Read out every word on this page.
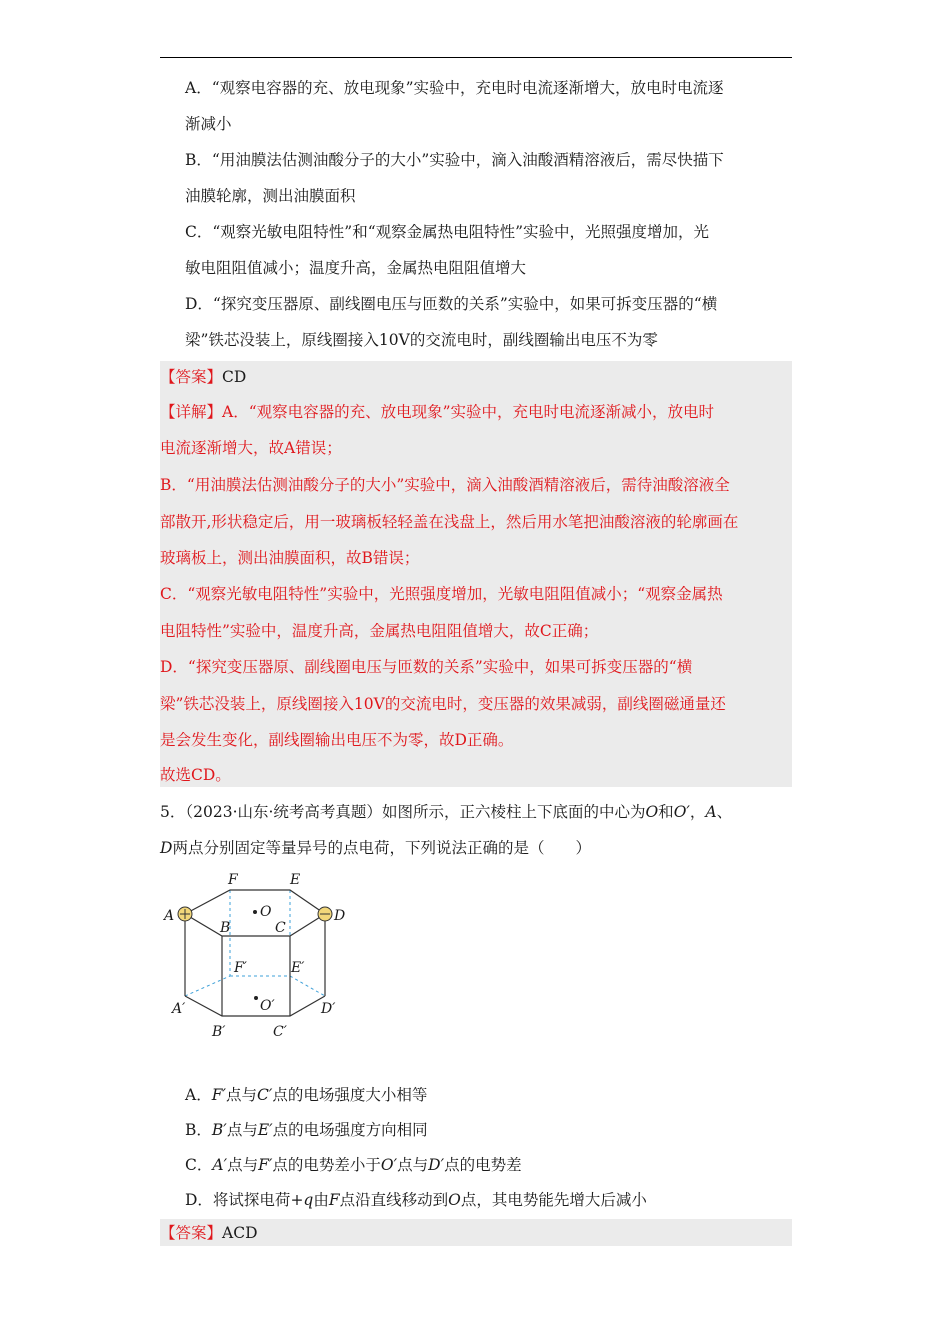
A．“观察电容器的充、放电现象”实验中，充电时电流逐渐增大，放电时电流逐
渐减小
B．“用油膜法估测油酸分子的大小”实验中，滴入油酸酒精溶液后，需尽快描下
油膜轮廓，测出油膜面积
C．“观察光敏电阻特性”和“观察金属热电阻特性”实验中，光照强度增加，光
敏电阻阻值减小；温度升高，金属热电阻阻值增大
D．“探究变压器原、副线圈电压与匝数的关系”实验中，如果可拆变压器的“横
梁”铁芯没装上，原线圈接入10V的交流电时，副线圈输出电压不为零
【答案】CD
【详解】A．“观察电容器的充、放电现象”实验中，充电时电流逐渐减小，放电时
电流逐渐增大，故A错误；
B．“用油膜法估测油酸分子的大小”实验中，滴入油酸酒精溶液后，需待油酸溶液全
部散开,形状稳定后，用一玻璃板轻轻盖在浅盘上，然后用水笔把油酸溶液的轮廓画在
玻璃板上，测出油膜面积，故B错误；
C．“观察光敏电阻特性”实验中，光照强度增加，光敏电阻阻值减小；“观察金属热
电阻特性”实验中，温度升高，金属热电阻阻值增大，故C正确；
D．“探究变压器原、副线圈电压与匝数的关系”实验中，如果可拆变压器的“横
梁”铁芯没装上，原线圈接入10V的交流电时，变压器的效果减弱，副线圈磁通量还
是会发生变化，副线圈输出电压不为零，故D正确。
故选CD。
5．（2023·山东·统考高考真题）如图所示，正六棱柱上下底面的中心为O和O′，A、
D两点分别固定等量异号的点电荷，下列说法正确的是（　　）
F	E
A	D
O
B	C
F′	E′
A′	D′
O′
B′	C′
A．F′点与C′点的电场强度大小相等
B．B′点与E′点的电场强度方向相同
C．A′点与F′点的电势差小于O′点与D′点的电势差
D．将试探电荷+q由F点沿直线移动到O点，其电势能先增大后减小
【答案】ACD
